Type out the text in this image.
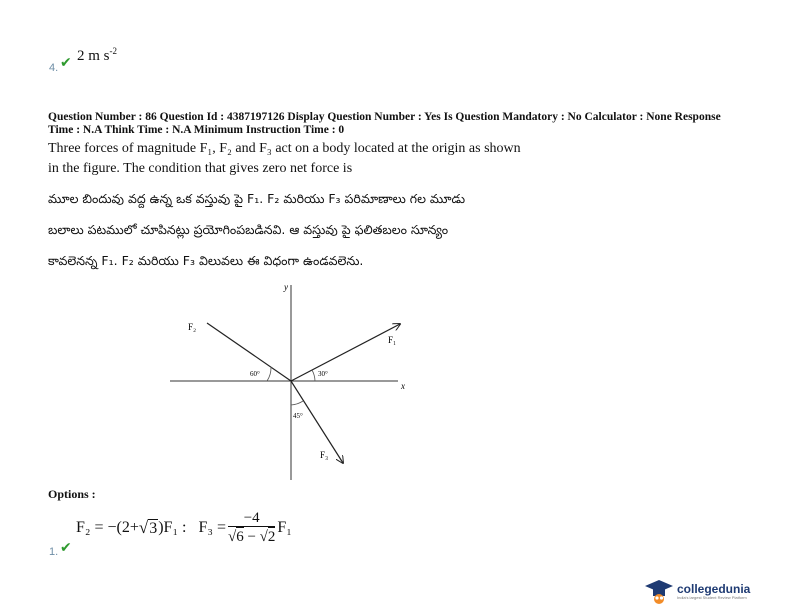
4. ✔ 2 m $s^{-2}$
Question Number : 86 Question Id : 4387197126 Display Question Number : Yes Is Question Mandatory : No Calculator : None Response
Time : N.A Think Time : N.A Minimum Instruction Time : 0
Three forces of magnitude F₁, F₂ and F₃ act on a body located at the origin as shown
in the figure. The condition that gives zero net force is
మూల బిందువు వద్ద ఉన్న ఒక వస్తువు పై F₁. F₂ మరియు F₃ పరిమాణాలు గల మూడు
బలాలు పటములో చూపినట్లు ప్రయోగింపబడినవి. ఆ వస్తువు పై ఫలితబలం సూన్యం
కావలెనన్న F₁. F₂ మరియు F₃ విలువలు ఈ విధంగా ఉండవలెను.
y
x
F₂
F₁
F₃
60°	30°
45°
Options :
F₂ = −(2+ √ 3 )F₁ : $F_3 = \frac{-4}{√ 6 - √ 2} F_1$
1. ✔
collegedunia
India's largest Student Review Platform
